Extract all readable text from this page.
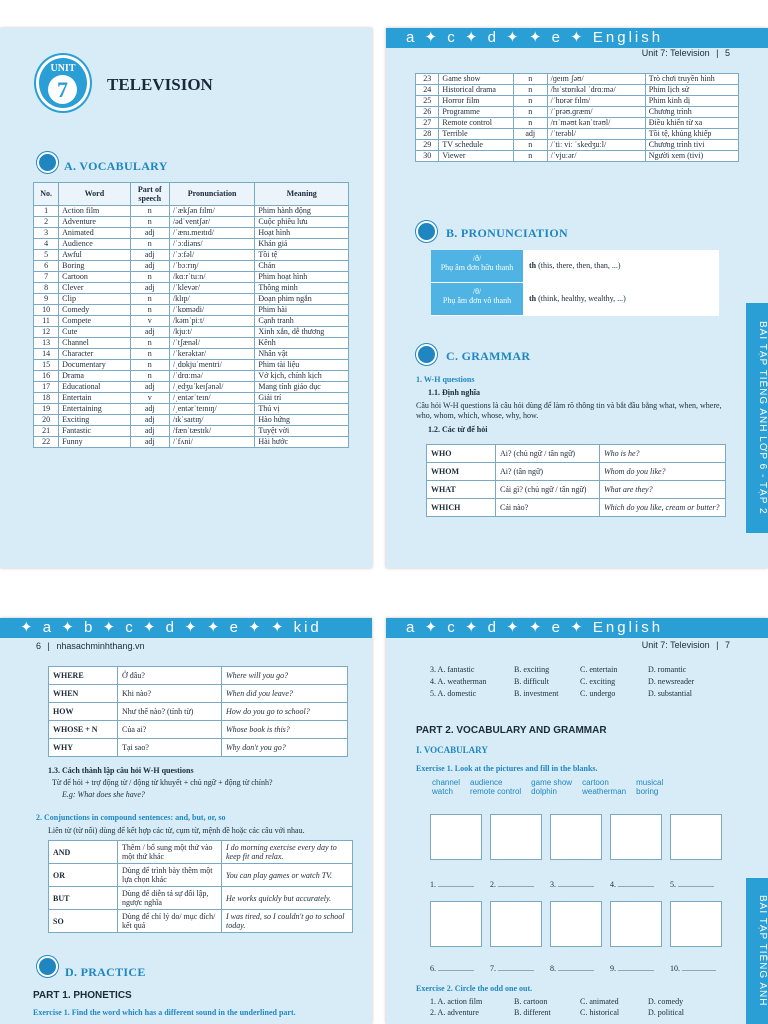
UNIT
7	TELEVISION
A. VOCABULARY
No.	Word	Part of speech	Pronunciation	Meaning
1	Action film	n	/ˈækʃən fɪlm/	Phim hành động
2	Adventure	n	/ədˈventʃər/	Cuộc phiêu lưu
3	Animated	adj	/ˈænɪ.meɪtɪd/	Hoạt hình
4	Audience	n	/ˈɔːdiəns/	Khán giả
5	Awful	adj	/ˈɔːfəl/	Tồi tệ
6	Boring	adj	/ˈbɔːrɪŋ/	Chán
7	Cartoon	n	/kɑːrˈtuːn/	Phim hoạt hình
8	Clever	adj	/ˈklevər/	Thông minh
9	Clip	n	/klɪp/	Đoạn phim ngắn
10	Comedy	n	/ˈkɒmədi/	Phim hài
11	Compete	v	/kəmˈpiːt/	Cạnh tranh
12	Cute	adj	/kjuːt/	Xinh xắn, dễ thương
13	Channel	n	/ˈtʃænəl/	Kênh
14	Character	n	/ˈkerəktər/	Nhân vật
15	Documentary	n	/ˌdɒkjuˈmentri/	Phim tài liệu
16	Drama	n	/ˈdrɑːmə/	Vở kịch, chính kịch
17	Educational	adj	/ˌedʒuˈkeɪʃənəl/	Mang tính giáo dục
18	Entertain	v	/ˌentərˈteɪn/	Giải trí
19	Entertaining	adj	/ˌentərˈteɪnɪŋ/	Thú vị
20	Exciting	adj	/ɪkˈsaɪtɪŋ/	Hào hứng
21	Fantastic	adj	/fænˈtæstɪk/	Tuyệt vời
22	Funny	adj	/ˈfʌni/	Hài hước
a ✦ c ✦ d ✦ ✦ e ✦ English
Unit 7: Television | 5
23	Game show	n	/ɡeɪm ʃəʊ/	Trò chơi truyền hình
24	Historical drama	n	/hɪˈstɒrɪkəl ˈdrɑːmə/	Phim lịch sử
25	Horror film	n	/ˈhɒrər fɪlm/	Phim kinh dị
26	Programme	n	/ˈprəʊ.ɡræm/	Chương trình
27	Remote control	n	/rɪˈməʊt kənˈtrəʊl/	Điều khiển từ xa
28	Terrible	adj	/ˈterəbl/	Tồi tệ, khủng khiếp
29	TV schedule	n	/ˈtiː viː ˈskedʒuːl/	Chương trình tivi
30	Viewer	n	/ˈvjuːər/	Người xem (tivi)
B. PRONUNCIATION
/ð/
Phụ âm đơn hữu thanh	th (this, there, then, than, ...)
/θ/
Phụ âm đơn vô thanh	th (think, healthy, wealthy, ...)
C. GRAMMAR
1. W-H questions
1.1. Định nghĩa
Câu hỏi W-H questions là câu hỏi dùng để làm rõ thông tin và bắt đầu bằng what, when, where, who, whom, which, whose, why, how.
1.2. Các từ để hỏi
WHO	Ai? (chủ ngữ / tân ngữ)	Who is he?
WHOM	Ai? (tân ngữ)	Whom do you like?
WHAT	Cái gì? (chủ ngữ / tân ngữ)	What are they?
WHICH	Cái nào?	Which do you like, cream or butter?	BÀI TẬP TIẾNG ANH LỚP 6 - TẬP 2
✦ a ✦ b ✦ c ✦ d ✦ ✦ e ✦ ✦ kid
6 | nhasachminhthang.vn
WHERE	Ở đâu?	Where will you go?
WHEN	Khi nào?	When did you leave?
HOW	Như thế nào? (tính từ)	How do you go to school?
WHOSE + N	Của ai?	Whose book is this?
WHY	Tại sao?	Why don't you go?
1.3. Cách thành lập câu hỏi W-H questions
Từ để hỏi + trợ động từ / động từ khuyết + chủ ngữ + động từ chính?
E.g: What does she have?
2. Conjunctions in compound sentences: and, but, or, so
Liên từ (từ nối) dùng để kết hợp các từ, cụm từ, mệnh đề hoặc các câu với nhau.
AND	Thêm / bổ sung một thứ vào một thứ khác	I do morning exercise every day to keep fit and relax.
OR	Dùng để trình bày thêm một lựa chọn khác	You can play games or watch TV.
BUT	Dùng để diễn tả sự đối lập, ngược nghĩa	He works quickly but accurately.
SO	Dùng để chỉ lý do/ mục đích/ kết quả	I was tired, so I couldn't go to school today.
D. PRACTICE
PART 1. PHONETICS
Exercise 1. Find the word which has a different sound in the underlined part.
a ✦ c ✦ d ✦ ✦ e ✦ English
Unit 7: Television | 7
3. A. fantastic	B. exciting	C. entertain	D. romantic
4. A. weatherman	B. difficult	C. exciting	D. newsreader
5. A. domestic	B. investment	C. undergo	D. substantial
PART 2. VOCABULARY AND GRAMMAR
I. VOCABULARY
Exercise 1. Look at the pictures and fill in the blanks.
channel	audience	game show	cartoon	musical
watch	remote control	dolphin	weatherman	boring
1. ..................
6. ..................
2. ..................
7. ..................
3. ..................
8. ..................
4. ..................
9. ..................
5. ..................
10. .................
Exercise 2. Circle the odd one out.
1. A. action film	B. cartoon	C. animated	D. comedy
2. A. adventure	B. different	C. historical	D. political
BÀI TẬP TIẾNG ANH
